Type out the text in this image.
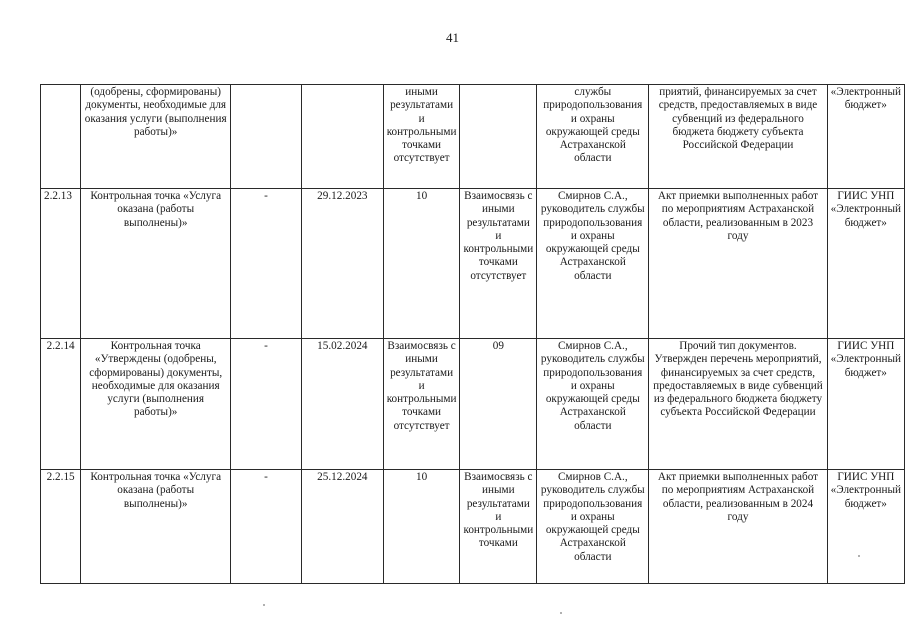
41
	(одобрены, сформированы) документы, необходимые для оказания услуги (выполнения работы)»			иными результатами и контрольными точками отсутствует		службы природопользования и охраны окружающей среды Астраханской области	приятий, финансируемых за счет средств, предоставляемых в виде субвенций из федерального бюджета бюджету субъекта Российской Федерации	«Электронный бюджет»
2.2.13	Контрольная точка «Услуга оказана (работы выполнены)»	-	29.12.2023	10	Взаимосвязь с иными результатами и контрольными точками отсутствует	Смирнов С.А., руководитель службы природопользования и охраны окружающей среды Астраханской области	Акт приемки выполненных работ по мероприятиям Астраханской области, реализованным в 2023 году	ГИИС УНП «Электронный бюджет»
2.2.14	Контрольная точка «Утверждены (одобрены, сформированы) документы, необходимые для оказания услуги (выполнения работы)»	-	15.02.2024	Взаимосвязь с иными результатами и контрольными точками отсутствует	09	Смирнов С.А., руководитель службы природопользования и охраны окружающей среды Астраханской области	Прочий тип документов. Утвержден перечень мероприятий, финансируемых за счет средств, предоставляемых в виде субвенций из федерального бюджета бюджету субъекта Российской Федерации	ГИИС УНП «Электронный бюджет»
2.2.15	Контрольная точка «Услуга оказана (работы выполнены)»	-	25.12.2024	10	Взаимосвязь с иными результатами и контрольными точками	Смирнов С.А., руководитель службы природопользования и охраны окружающей среды Астраханской области	Акт приемки выполненных работ по мероприятиям Астраханской области, реализованным в 2024 году	ГИИС УНП «Электронный бюджет»
